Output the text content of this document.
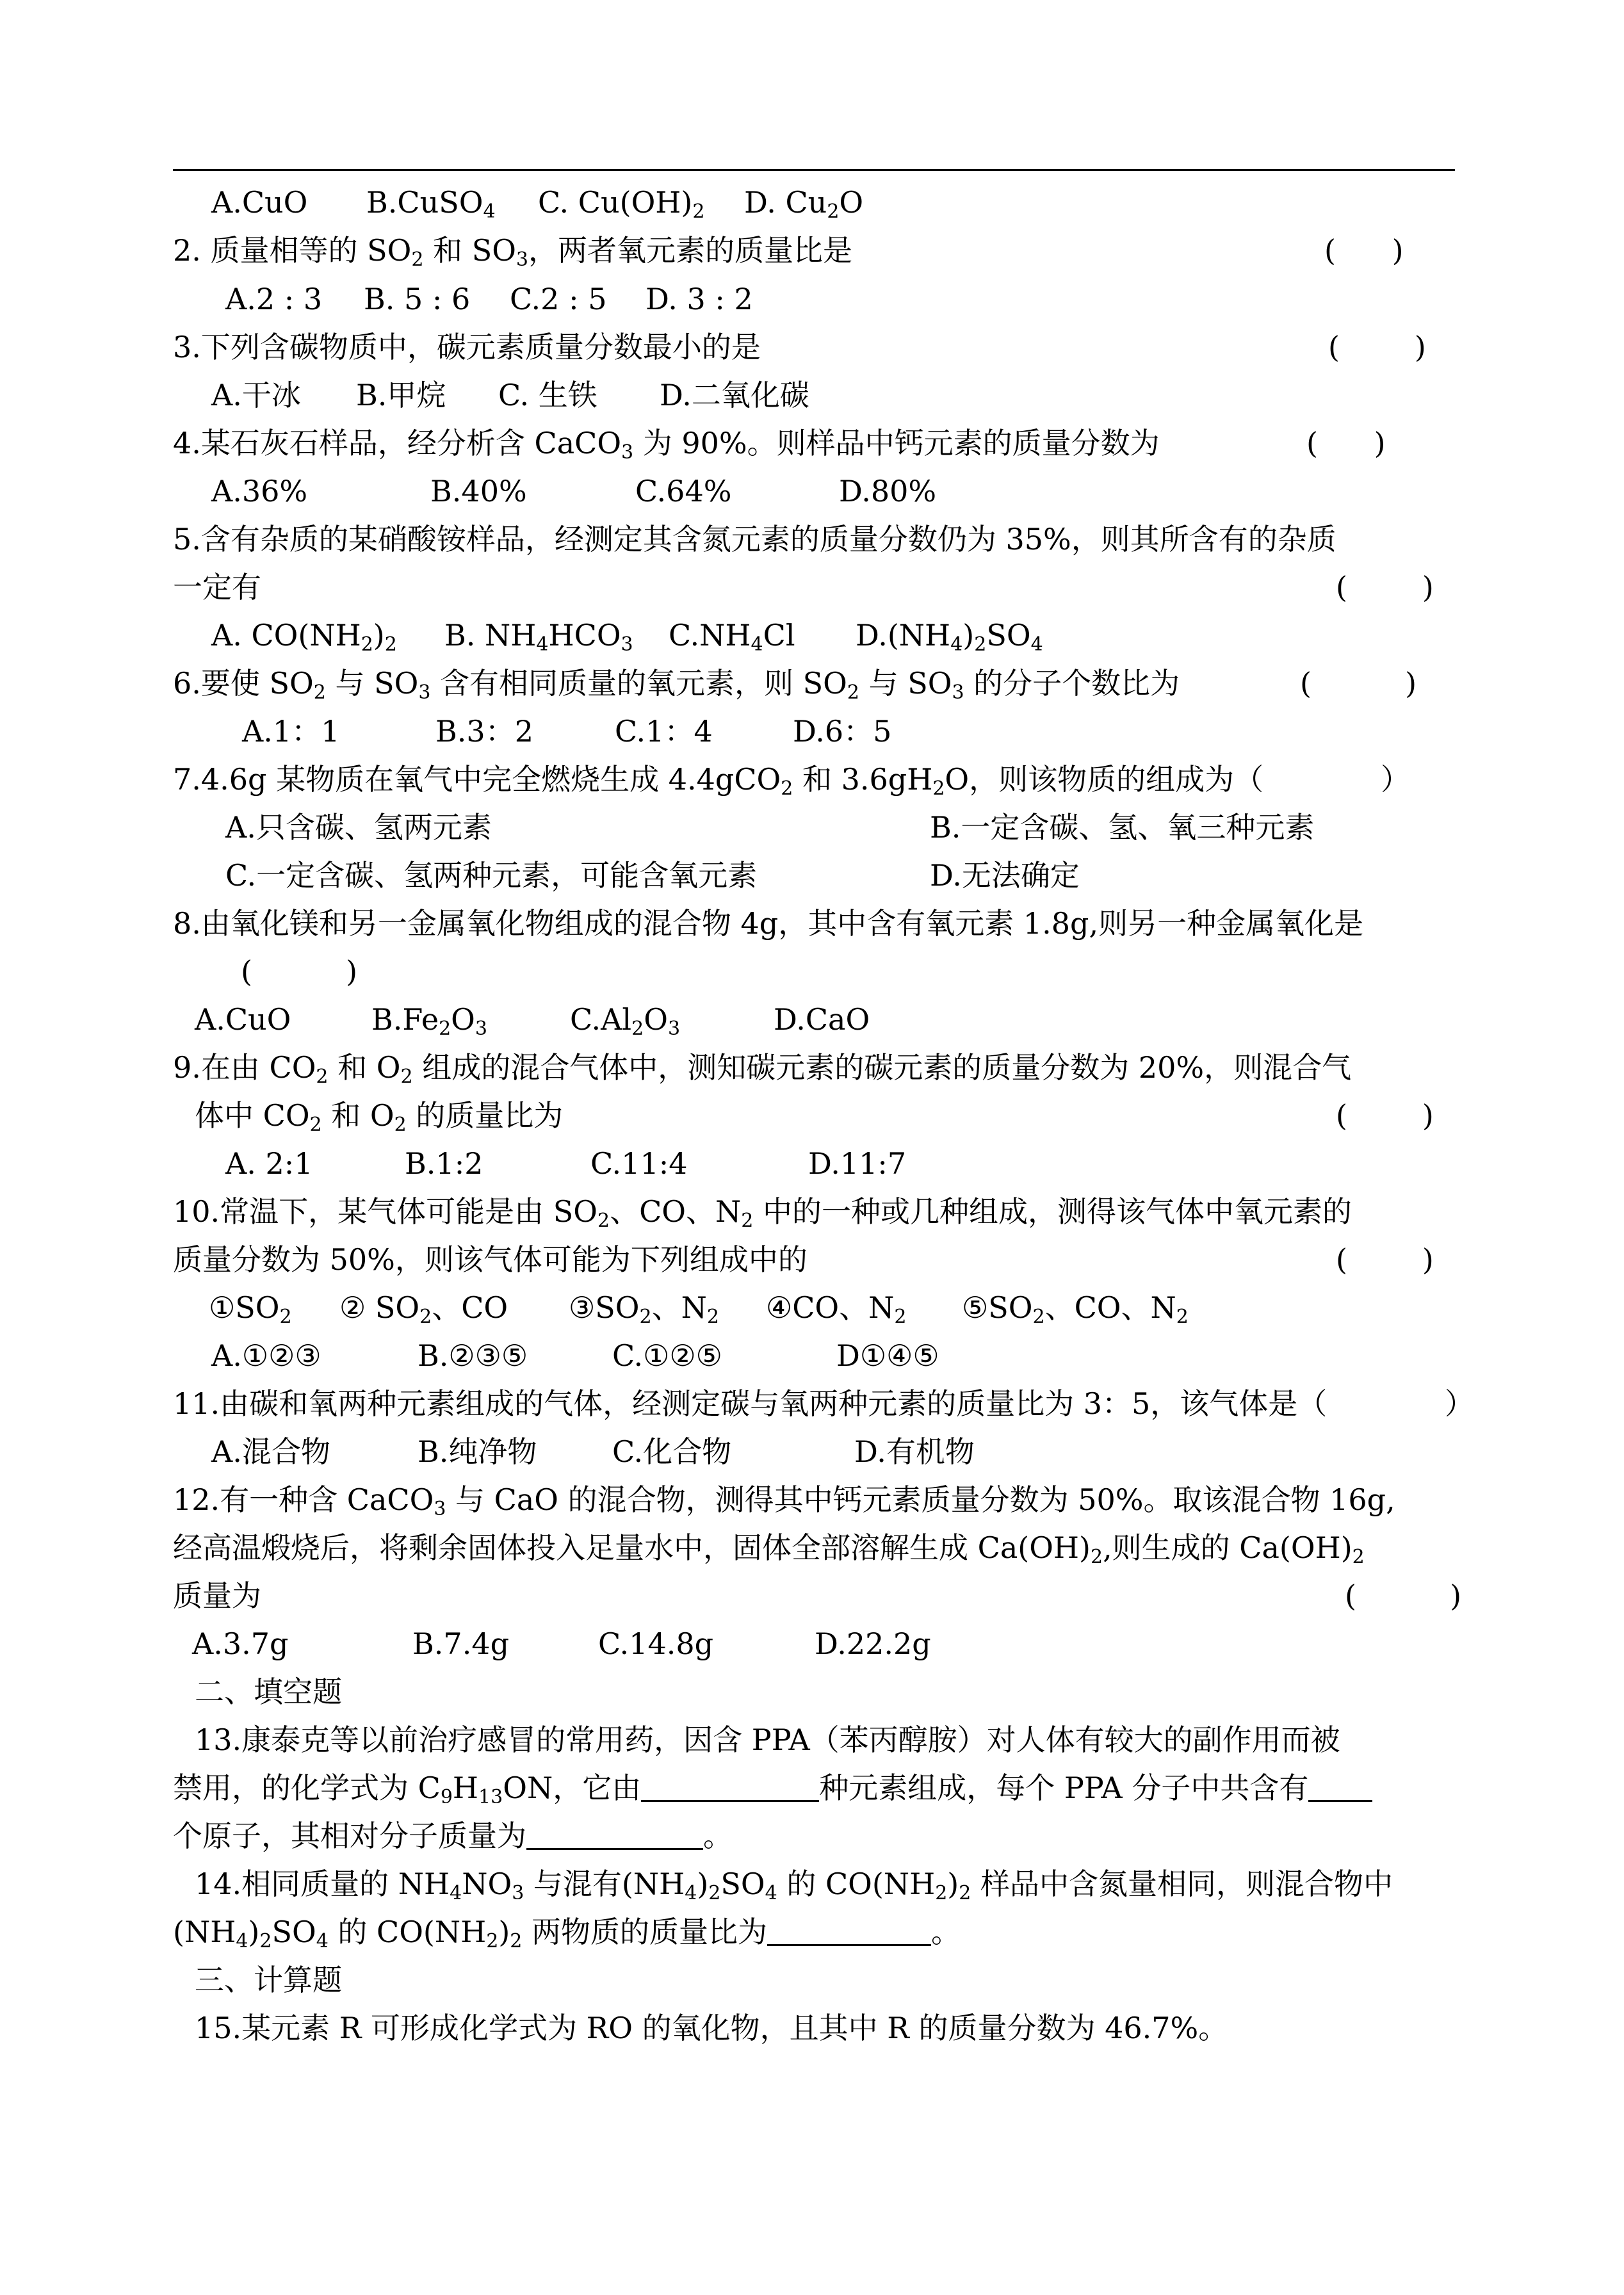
A.CuO B.CuSO$_4$ C. $Cu(OH)_2$ D. $Cu_2O$
2. 质量相等的 $SO_2$ 和 $SO_3$，两者氧元素的质量比是	(      )
A.2 : 3 B. 5 : 6 C.2 : 5 D. 3 : 2
3.下列含碳物质中，碳元素质量分数最小的是	(        )
A.干冰 B.甲烷 C. 生铁 D.二氧化碳
4.某石灰石样品，经分析含 CaCO$_3$ 为 90%。则样品中钙元素的质量分数为	(      )
A.36%	B.40%	C.64%	D.80%
5.含有杂质的某硝酸铵样品，经测定其含氮元素的质量分数仍为 35%，则其所含有的杂质
一定有	(        )
A. $CO(NH_2)_2$ B. $NH_4HCO_3$ $C.NH_4Cl$ $D.(NH_4)_2SO_4$
6.要使 $SO_2$ 与 $SO_3$ 含有相同质量的氧元素，则 $SO_2$ 与 $SO_3$ 的分子个数比为	(          )
A.1：1	B.3：2	C.1：4	D.6：5
7.4.6g 某物质在氧气中完全燃烧生成 4.4gCO$_2$ 和 $3.6gH_2O$，则该物质的组成为（	）
A.只含碳、氢两元素	B.一定含碳、氢、氧三种元素
C.一定含碳、氢两种元素，可能含氧元素	D.无法确定
8.由氧化镁和另一金属氧化物组成的混合物 4g，其中含有氧元素 1.8g,则另一种金属氧化是
(          )
A.CuO	$B.Fe_2O_3$	$C.Al_2O_3$	D.CaO
9.在由 $CO_2$ 和 $O_2$ 组成的混合气体中，测知碳元素的碳元素的质量分数为 20%，则混合气
体中 $CO_2$ 和 $O_2$ 的质量比为	(        )
A. 2:1	B.1:2	C.11:4	D.11:7
10.常温下，某气体可能是由 $SO_2$、CO、$N_2$ 中的一种或几种组成，测得该气体中氧元素的
质量分数为 50%，则该气体可能为下列组成中的	(        )
$①SO_2$ ② $SO_2$、CO $③SO_2$、$N_2$ ④CO、$N_2$ $⑤SO_2$、CO、$N_2$
A.①②③	B.②③⑤	C.①②⑤	D①④⑤
11.由碳和氧两种元素组成的气体，经测定碳与氧两种元素的质量比为 3：5，该气体是（	）
A.混合物	B.纯净物	C.化合物	D.有机物
12.有一种含 CaCO$_3$ 与 CaO 的混合物，测得其中钙元素质量分数为 50%。取该混合物 16g,
经高温煅烧后，将剩余固体投入足量水中，固体全部溶解生成 $Ca(OH)_2$,则生成的 $Ca(OH)_2$
质量为	(          )
A.3.7g	B.7.4g	C.14.8g	D.22.2g
二、填空题
13.康泰克等以前治疗感冒的常用药，因含 PPA（苯丙醇胺）对人体有较大的副作用而被
禁用，的化学式为 $C_9H_{13}ON$，它由	种元素组成，每个 PPA 分子中共含有
个原子，其相对分子质量为	。
14.相同质量的 $NH_4NO_3$ 与混有$(NH_4)_2SO_4$ 的 $CO(NH_2)_2$ 样品中含氮量相同，则混合物中
$(NH_4)_2SO_4$ 的 $CO(NH_2)_2$ 两物质的质量比为	。
三、计算题
15.某元素 R 可形成化学式为 RO 的氧化物，且其中 R 的质量分数为 46.7%。
